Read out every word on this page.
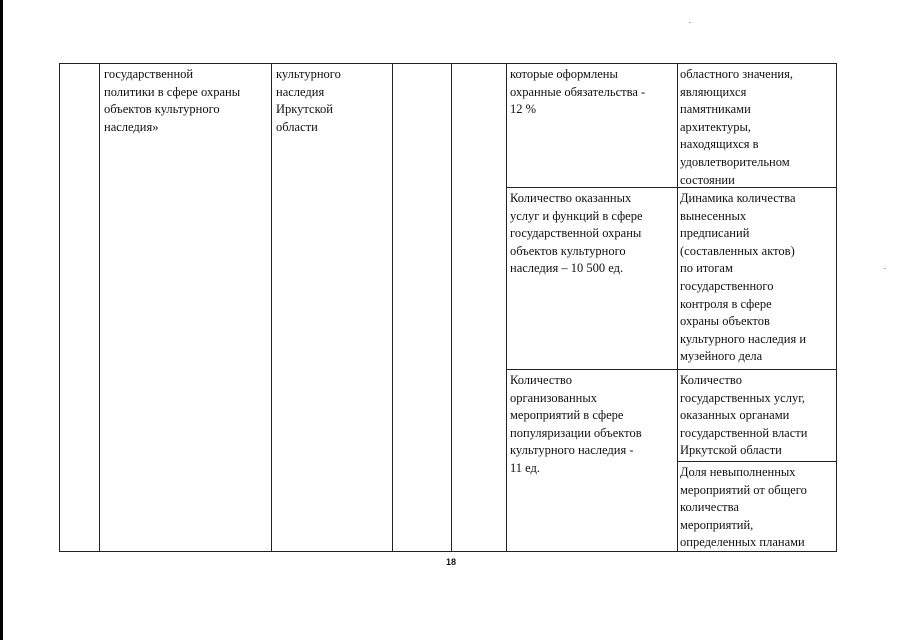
государственной
политики в сфере охраны
объектов культурного
наследия»
культурного
наследия
Иркутской
области
которые оформлены
охранные обязательства -
12 %
областного значения,
являющихся
памятниками
архитектуры,
находящихся в
удовлетворительном
состоянии
Количество оказанных
услуг и функций в сфере
государственной охраны
объектов культурного
наследия – 10 500 ед.
Динамика количества
вынесенных
предписаний
(составленных актов)
по итогам
государственного
контроля в сфере
охраны объектов
культурного наследия и
музейного дела
Количество
организованных
мероприятий в сфере
популяризации объектов
культурного наследия -
11 ед.
Количество
государственных услуг,
оказанных органами
государственной власти
Иркутской области
Доля невыполненных
мероприятий от общего
количества
мероприятий,
определенных планами
18
